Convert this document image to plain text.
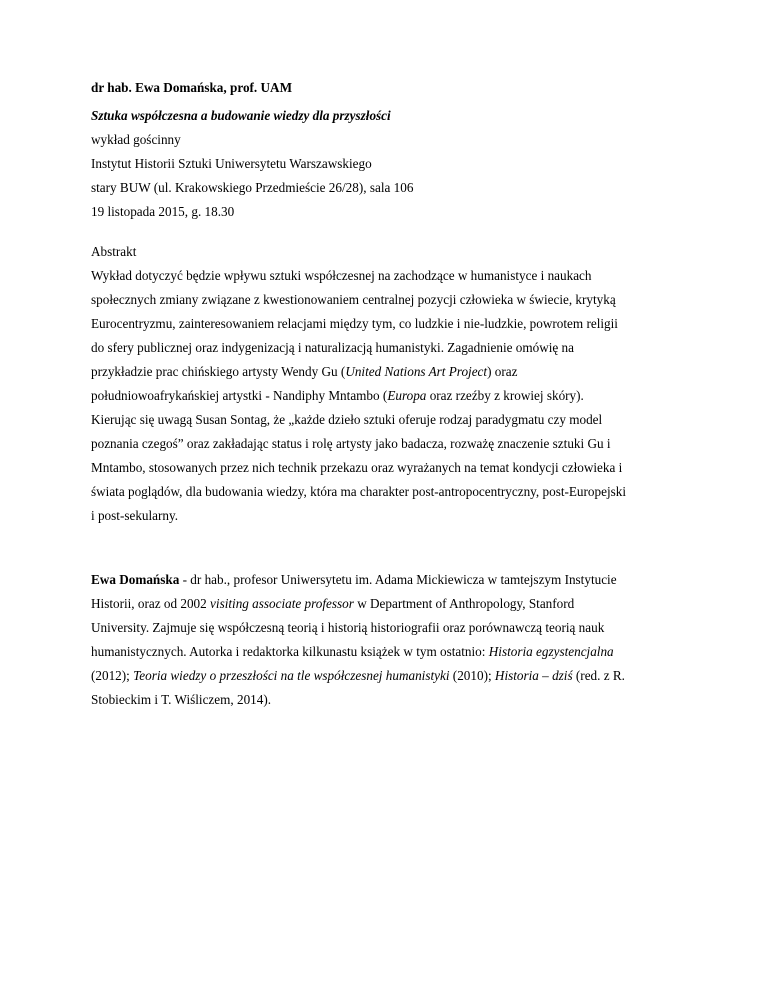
dr hab. Ewa Domańska, prof. UAM
Sztuka współczesna a budowanie wiedzy dla przyszłości
wykład gościnny
Instytut Historii Sztuki Uniwersytetu Warszawskiego
stary BUW (ul. Krakowskiego Przedmieście 26/28), sala 106
19 listopada 2015, g. 18.30
Abstrakt
Wykład dotyczyć będzie wpływu sztuki współczesnej na zachodzące w humanistyce i naukach
społecznych zmiany związane z kwestionowaniem centralnej pozycji człowieka w świecie, krytyką
Eurocentryzmu, zainteresowaniem relacjami między tym, co ludzkie i nie-ludzkie, powrotem religii
do sfery publicznej oraz indygenizacją i naturalizacją humanistyki. Zagadnienie omówię na
przykładzie prac chińskiego artysty Wendy Gu (United Nations Art Project) oraz
południowoafrykańskiej artystki - Nandiphy Mntambo (Europa oraz rzeźby z krowiej skóry).
Kierując się uwagą Susan Sontag, że „każde dzieło sztuki oferuje rodzaj paradygmatu czy model
poznania czegoś” oraz zakładając status i rolę artysty jako badacza, rozważę znaczenie sztuki Gu i
Mntambo, stosowanych przez nich technik przekazu oraz wyrażanych na temat kondycji człowieka i
świata poglądów, dla budowania wiedzy, która ma charakter post-antropocentryczny, post-Europejski
i post-sekularny.
Ewa Domańska - dr hab., profesor Uniwersytetu im. Adama Mickiewicza w tamtejszym Instytucie
Historii, oraz od 2002 visiting associate professor w Department of Anthropology, Stanford
University. Zajmuje się współczesną teorią i historią historiografii oraz porównawczą teorią nauk
humanistycznych. Autorka i redaktorka kilkunastu książek w tym ostatnio: Historia egzystencjalna
(2012); Teoria wiedzy o przeszłości na tle współczesnej humanistyki (2010); Historia – dziś (red. z R.
Stobieckim i T. Wiśliczem, 2014).
